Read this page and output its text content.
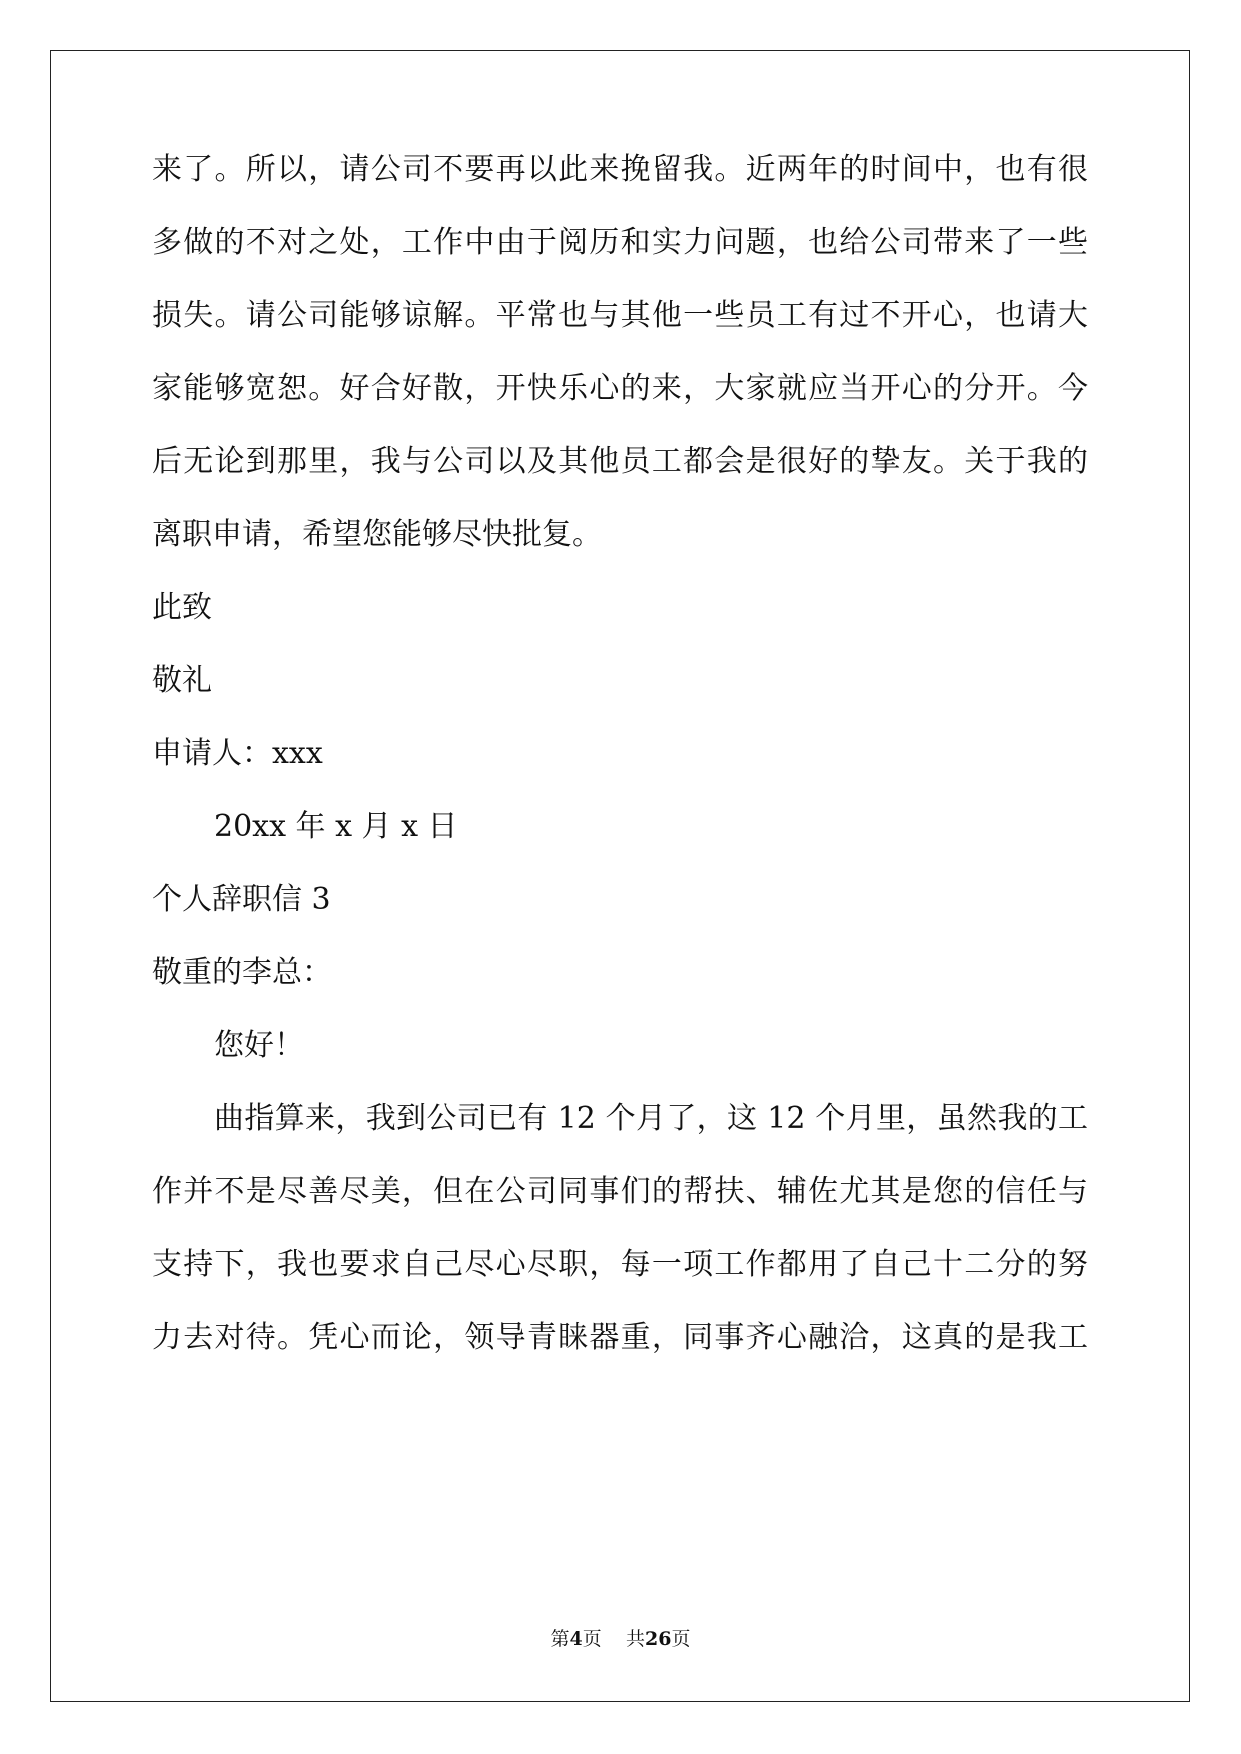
来了。所以，请公司不要再以此来挽留我。近两年的时间中，也有很
多做的不对之处，工作中由于阅历和实力问题，也给公司带来了一些
损失。请公司能够谅解。平常也与其他一些员工有过不开心，也请大
家能够宽恕。好合好散，开快乐心的来，大家就应当开心的分开。今
后无论到那里，我与公司以及其他员工都会是很好的挚友。关于我的
离职申请，希望您能够尽快批复。
此致
敬礼
申请人：xxx
20xx 年 x 月 x 日
个人辞职信 3
敬重的李总：
您好！
曲指算来，我到公司已有 12 个月了，这 12 个月里，虽然我的工
作并不是尽善尽美，但在公司同事们的帮扶、辅佐尤其是您的信任与
支持下，我也要求自己尽心尽职，每一项工作都用了自己十二分的努
力去对待。凭心而论，领导青睐器重，同事齐心融洽，这真的是我工
第4页 共26页
